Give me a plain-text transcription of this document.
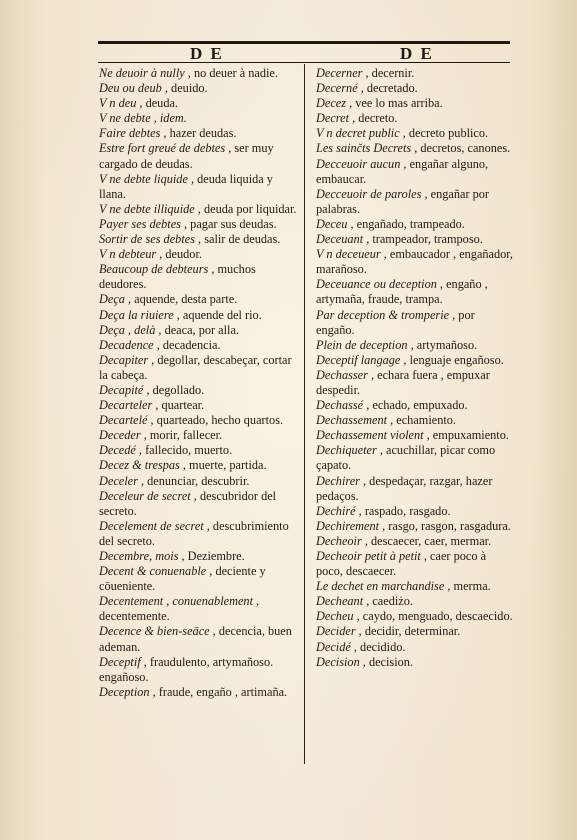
D E	D E

Ne deuoir à nully , no deuer à nadie.

Deu ou deub , deuido.

V n deu , deuda.

V ne debte , idem.

Faire debtes , hazer deudas.

Estre fort greué de debtes , ser muy cargado de deudas.

V ne debte liquide , deuda liquida y llana.

V ne debte illiquide , deuda por liquidar.

Payer ses debtes , pagar sus deudas.

Sortir de ses debtes , salir de deudas.

V n debteur , deudor.

Beaucoup de debteurs , muchos deudores.

Deça , aquende, desta parte.

Deça la riuiere , aquende del rio.

Deça , delà , deaca, por alla.

Decadence , decadencia.

Decapiter , degollar, descabeçar, cortar la cabeça.

Decapité , degollado.

Decarteler , quartear.

Decartelé , quarteado, hecho quartos.

Deceder , morir, fallecer.

Decedé , fallecido, muerto.

Decez & trespas , muerte, partida.

Deceler , denunciar, descubrir.

Deceleur de secret , descubridor del secreto.

Decelement de secret , descubrimiento del secreto.

Decembre, mois , Deziembre.

Decent & conuenable , deciente y cōueniente.

Decentement , conuenablement , decentemente.

Decence & bien-seāce , decencia, buen ademan.

Deceptif , fraudulento, artymañoso. engañoso.

Deception , fraude, engaño , artimaña.

Decerner , decernir.

Decerné , decretado.

Decez , vee lo mas arriba.

Decret , decreto.

V n decret public , decreto publico.

Les sainčts Decrets , decretos, canones.

Decceuoir aucun , engañar alguno, embaucar.

Decceuoir de paroles , engañar por palabras.

Deceu , engañado, trampeado.

Deceuant , trampeador, tramposo.

V n deceueur , embaucador , engañador, marañoso.

Deceuance ou deception , engaño , artymaña, fraude, trampa.

Par deception & tromperie , por engaño.

Plein de deception , artymañoso.

Deceptif langage , lenguaje engañoso.

Dechasser , echara fuera , empuxar despedir.

Dechassé , echado, empuxado.

Dechassement , echamiento.

Dechassement violent , empuxamiento.

Dechiqueter , acuchillar, picar como çapato.

Dechirer , despedaçar, razgar, hazer pedaços.

Dechiré , raspado, rasgado.

Dechirement , rasgo, rasgon, rasgadura.

Decheoir , descaecer, caer, mermar.

Decheoir petit à petit , caer poco à poco, descaecer.

Le dechet en marchandise , merma.

Decheant , caediżo.

Decheu , caydo, menguado, descaecido.

Decider , decidir, determinar.

Decidé , decidido.

Decision , decision.
